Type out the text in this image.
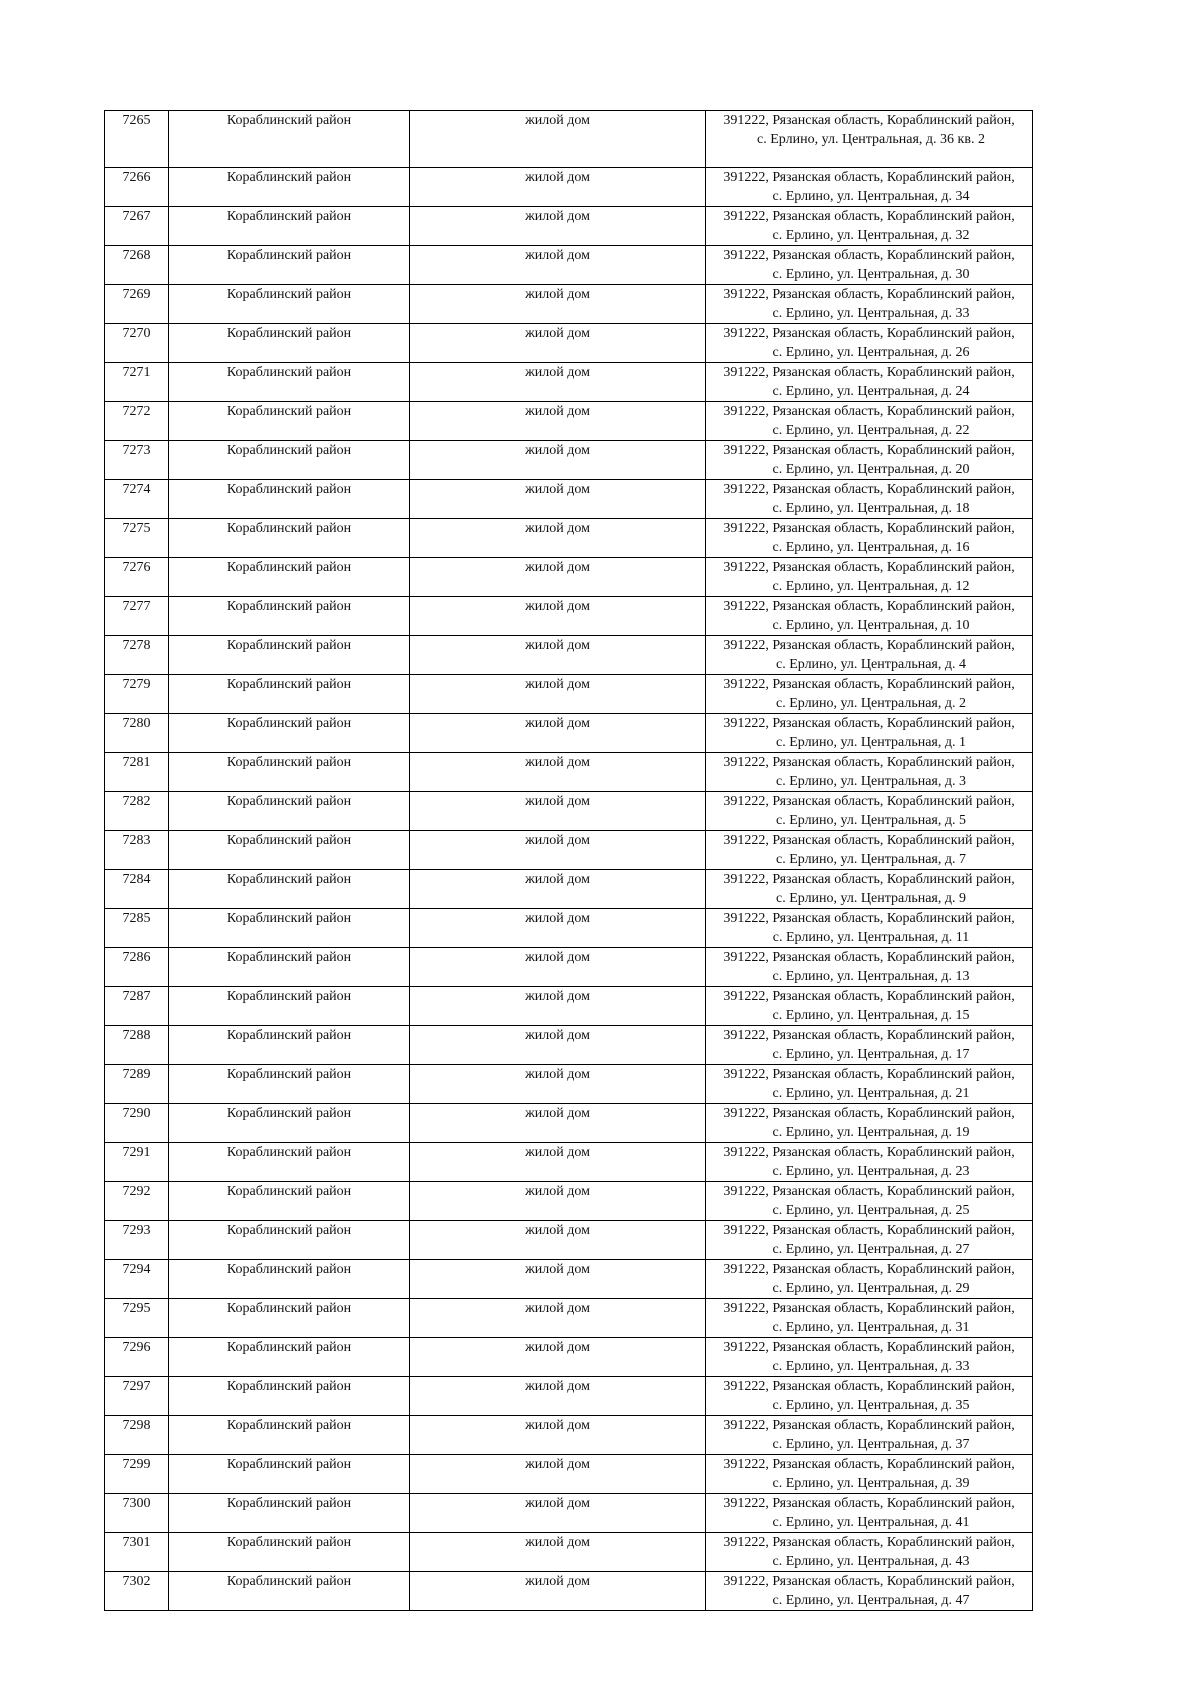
7265	Кораблинский район	жилой дом	391222, Рязанская область, Кораблинский район,
с. Ерлино, ул. Центральная, д. 36 кв. 2

7266	Кораблинский район	жилой дом	391222, Рязанская область, Кораблинский район,
с. Ерлино, ул. Центральная, д. 34

7267	Кораблинский район	жилой дом	391222, Рязанская область, Кораблинский район,
с. Ерлино, ул. Центральная, д. 32

7268	Кораблинский район	жилой дом	391222, Рязанская область, Кораблинский район,
с. Ерлино, ул. Центральная, д. 30

7269	Кораблинский район	жилой дом	391222, Рязанская область, Кораблинский район,
с. Ерлино, ул. Центральная, д. 33

7270	Кораблинский район	жилой дом	391222, Рязанская область, Кораблинский район,
с. Ерлино, ул. Центральная, д. 26

7271	Кораблинский район	жилой дом	391222, Рязанская область, Кораблинский район,
с. Ерлино, ул. Центральная, д. 24

7272	Кораблинский район	жилой дом	391222, Рязанская область, Кораблинский район,
с. Ерлино, ул. Центральная, д. 22

7273	Кораблинский район	жилой дом	391222, Рязанская область, Кораблинский район,
с. Ерлино, ул. Центральная, д. 20

7274	Кораблинский район	жилой дом	391222, Рязанская область, Кораблинский район,
с. Ерлино, ул. Центральная, д. 18

7275	Кораблинский район	жилой дом	391222, Рязанская область, Кораблинский район,
с. Ерлино, ул. Центральная, д. 16

7276	Кораблинский район	жилой дом	391222, Рязанская область, Кораблинский район,
с. Ерлино, ул. Центральная, д. 12

7277	Кораблинский район	жилой дом	391222, Рязанская область, Кораблинский район,
с. Ерлино, ул. Центральная, д. 10

7278	Кораблинский район	жилой дом	391222, Рязанская область, Кораблинский район,
с. Ерлино, ул. Центральная, д. 4

7279	Кораблинский район	жилой дом	391222, Рязанская область, Кораблинский район,
с. Ерлино, ул. Центральная, д. 2

7280	Кораблинский район	жилой дом	391222, Рязанская область, Кораблинский район,
с. Ерлино, ул. Центральная, д. 1

7281	Кораблинский район	жилой дом	391222, Рязанская область, Кораблинский район,
с. Ерлино, ул. Центральная, д. 3

7282	Кораблинский район	жилой дом	391222, Рязанская область, Кораблинский район,
с. Ерлино, ул. Центральная, д. 5

7283	Кораблинский район	жилой дом	391222, Рязанская область, Кораблинский район,
с. Ерлино, ул. Центральная, д. 7

7284	Кораблинский район	жилой дом	391222, Рязанская область, Кораблинский район,
с. Ерлино, ул. Центральная, д. 9

7285	Кораблинский район	жилой дом	391222, Рязанская область, Кораблинский район,
с. Ерлино, ул. Центральная, д. 11

7286	Кораблинский район	жилой дом	391222, Рязанская область, Кораблинский район,
с. Ерлино, ул. Центральная, д. 13

7287	Кораблинский район	жилой дом	391222, Рязанская область, Кораблинский район,
с. Ерлино, ул. Центральная, д. 15

7288	Кораблинский район	жилой дом	391222, Рязанская область, Кораблинский район,
с. Ерлино, ул. Центральная, д. 17

7289	Кораблинский район	жилой дом	391222, Рязанская область, Кораблинский район,
с. Ерлино, ул. Центральная, д. 21

7290	Кораблинский район	жилой дом	391222, Рязанская область, Кораблинский район,
с. Ерлино, ул. Центральная, д. 19

7291	Кораблинский район	жилой дом	391222, Рязанская область, Кораблинский район,
с. Ерлино, ул. Центральная, д. 23

7292	Кораблинский район	жилой дом	391222, Рязанская область, Кораблинский район,
с. Ерлино, ул. Центральная, д. 25

7293	Кораблинский район	жилой дом	391222, Рязанская область, Кораблинский район,
с. Ерлино, ул. Центральная, д. 27

7294	Кораблинский район	жилой дом	391222, Рязанская область, Кораблинский район,
с. Ерлино, ул. Центральная, д. 29

7295	Кораблинский район	жилой дом	391222, Рязанская область, Кораблинский район,
с. Ерлино, ул. Центральная, д. 31

7296	Кораблинский район	жилой дом	391222, Рязанская область, Кораблинский район,
с. Ерлино, ул. Центральная, д. 33

7297	Кораблинский район	жилой дом	391222, Рязанская область, Кораблинский район,
с. Ерлино, ул. Центральная, д. 35

7298	Кораблинский район	жилой дом	391222, Рязанская область, Кораблинский район,
с. Ерлино, ул. Центральная, д. 37

7299	Кораблинский район	жилой дом	391222, Рязанская область, Кораблинский район,
с. Ерлино, ул. Центральная, д. 39

7300	Кораблинский район	жилой дом	391222, Рязанская область, Кораблинский район,
с. Ерлино, ул. Центральная, д. 41

7301	Кораблинский район	жилой дом	391222, Рязанская область, Кораблинский район,
с. Ерлино, ул. Центральная, д. 43

7302	Кораблинский район	жилой дом	391222, Рязанская область, Кораблинский район,
с. Ерлино, ул. Центральная, д. 47
